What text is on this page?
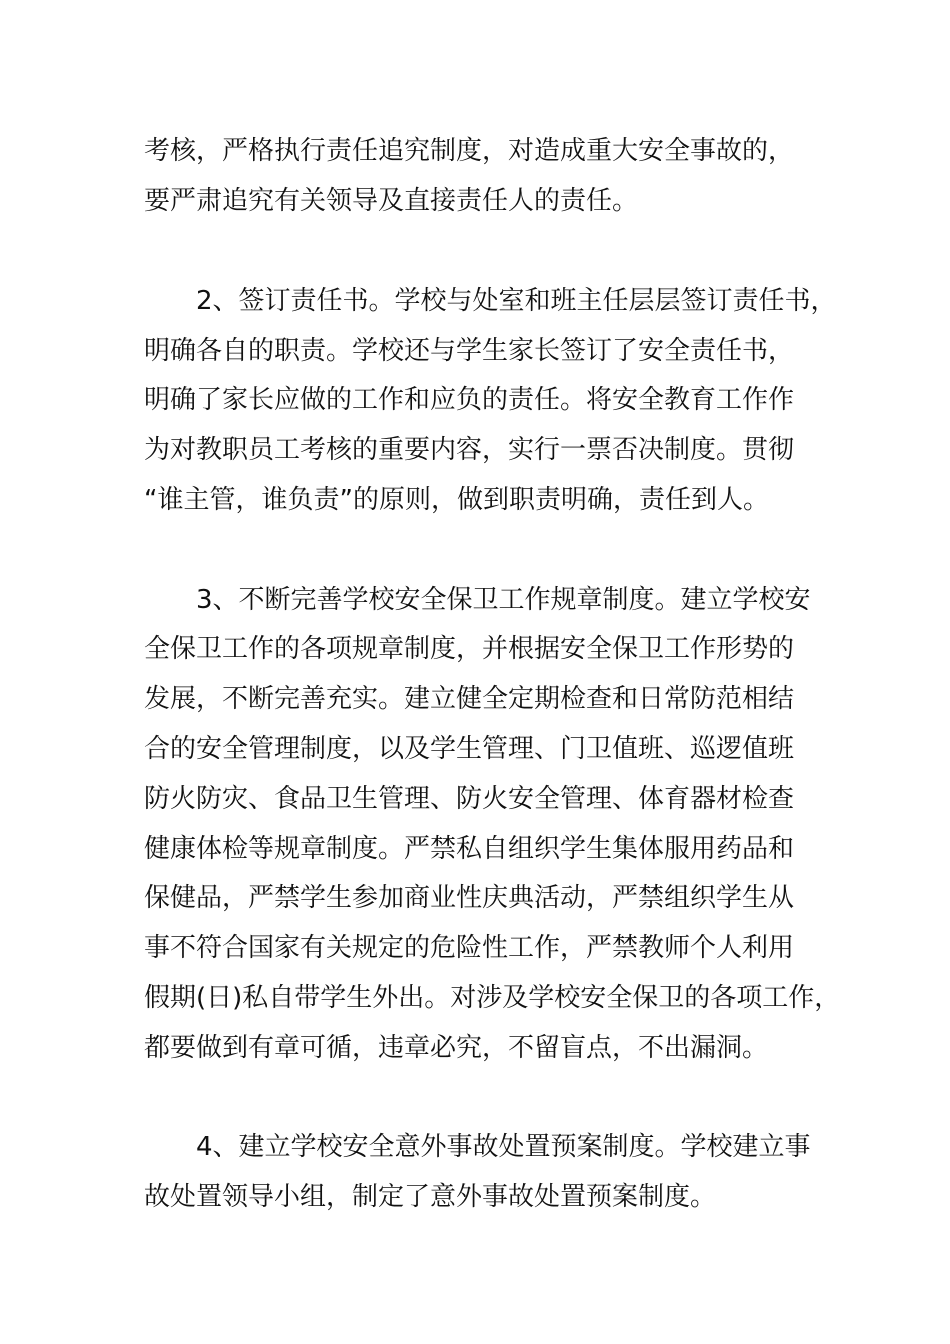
考核，严格执行责任追究制度，对造成重大安全事故的，

要严肃追究有关领导及直接责任人的责任。

2、签订责任书。学校与处室和班主任层层签订责任书，

明确各自的职责。学校还与学生家长签订了安全责任书，

明确了家长应做的工作和应负的责任。将安全教育工作作

为对教职员工考核的重要内容，实行一票否决制度。贯彻

“谁主管，谁负责”的原则，做到职责明确，责任到人。

3、不断完善学校安全保卫工作规章制度。建立学校安

全保卫工作的各项规章制度，并根据安全保卫工作形势的

发展，不断完善充实。建立健全定期检查和日常防范相结

合的安全管理制度，以及学生管理、门卫值班、巡逻值班

防火防灾、食品卫生管理、防火安全管理、体育器材检查

健康体检等规章制度。严禁私自组织学生集体服用药品和

保健品，严禁学生参加商业性庆典活动，严禁组织学生从

事不符合国家有关规定的危险性工作，严禁教师个人利用

假期(日)私自带学生外出。对涉及学校安全保卫的各项工作，

都要做到有章可循，违章必究，不留盲点，不出漏洞。

4、建立学校安全意外事故处置预案制度。学校建立事

故处置领导小组，制定了意外事故处置预案制度。
